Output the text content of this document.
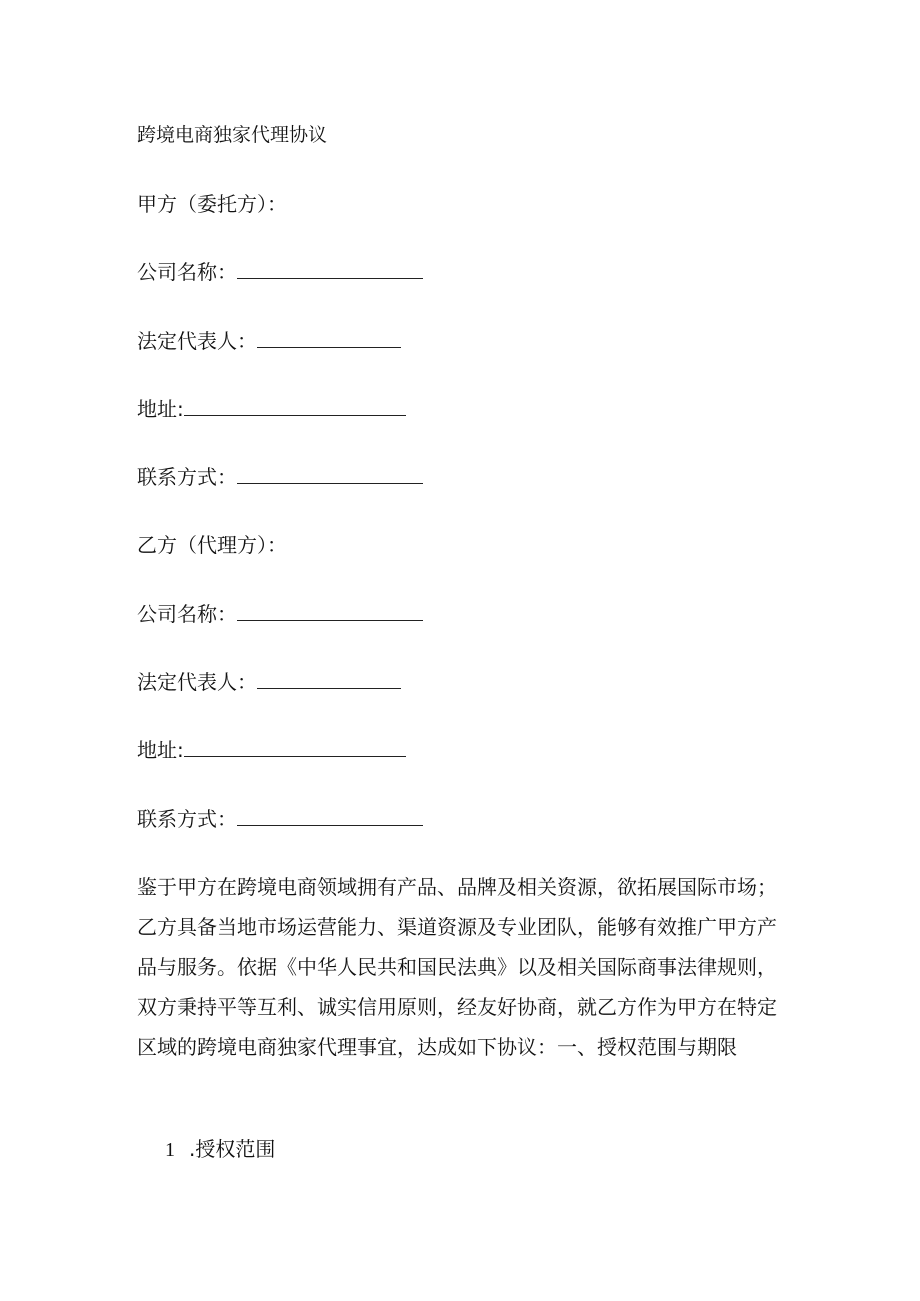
跨境电商独家代理协议
甲方（委托方）：
公司名称：
法定代表人：
地址:
联系方式：
乙方（代理方）：
公司名称：
法定代表人：
地址:
联系方式：
鉴于甲方在跨境电商领域拥有产品、品牌及相关资源，欲拓展国际市场；
乙方具备当地市场运营能力、渠道资源及专业团队，能够有效推广甲方产
品与服务。依据《中华人民共和国民法典》以及相关国际商事法律规则，
双方秉持平等互利、诚实信用原则，经友好协商，就乙方作为甲方在特定
区域的跨境电商独家代理事宜，达成如下协议：一、授权范围与期限
1 .授权范围
